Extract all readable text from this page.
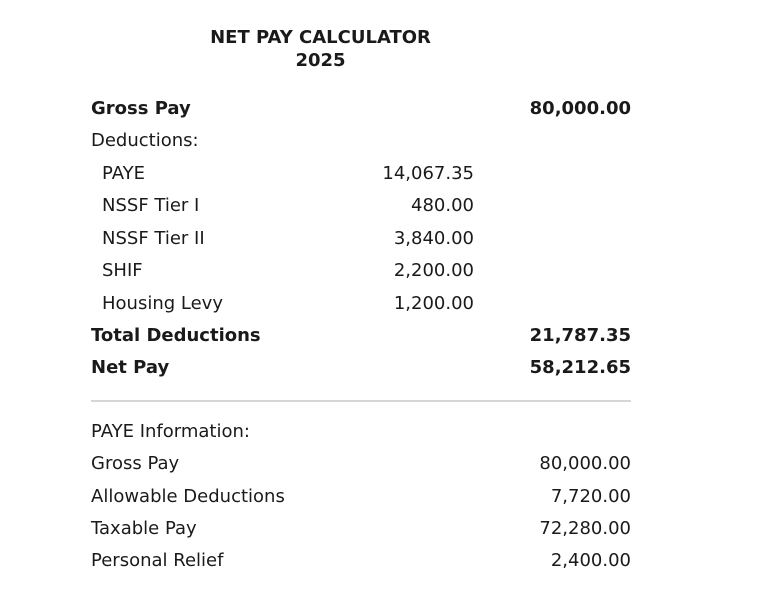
NET PAY CALCULATOR
2025
Gross Pay	80,000.00
Deductions:
PAYE	14,067.35
NSSF Tier I	480.00
NSSF Tier II	3,840.00
SHIF	2,200.00
Housing Levy	1,200.00
Total Deductions	21,787.35
Net Pay	58,212.65
PAYE Information:
Gross Pay	80,000.00
Allowable Deductions	7,720.00
Taxable Pay	72,280.00
Personal Relief	2,400.00
